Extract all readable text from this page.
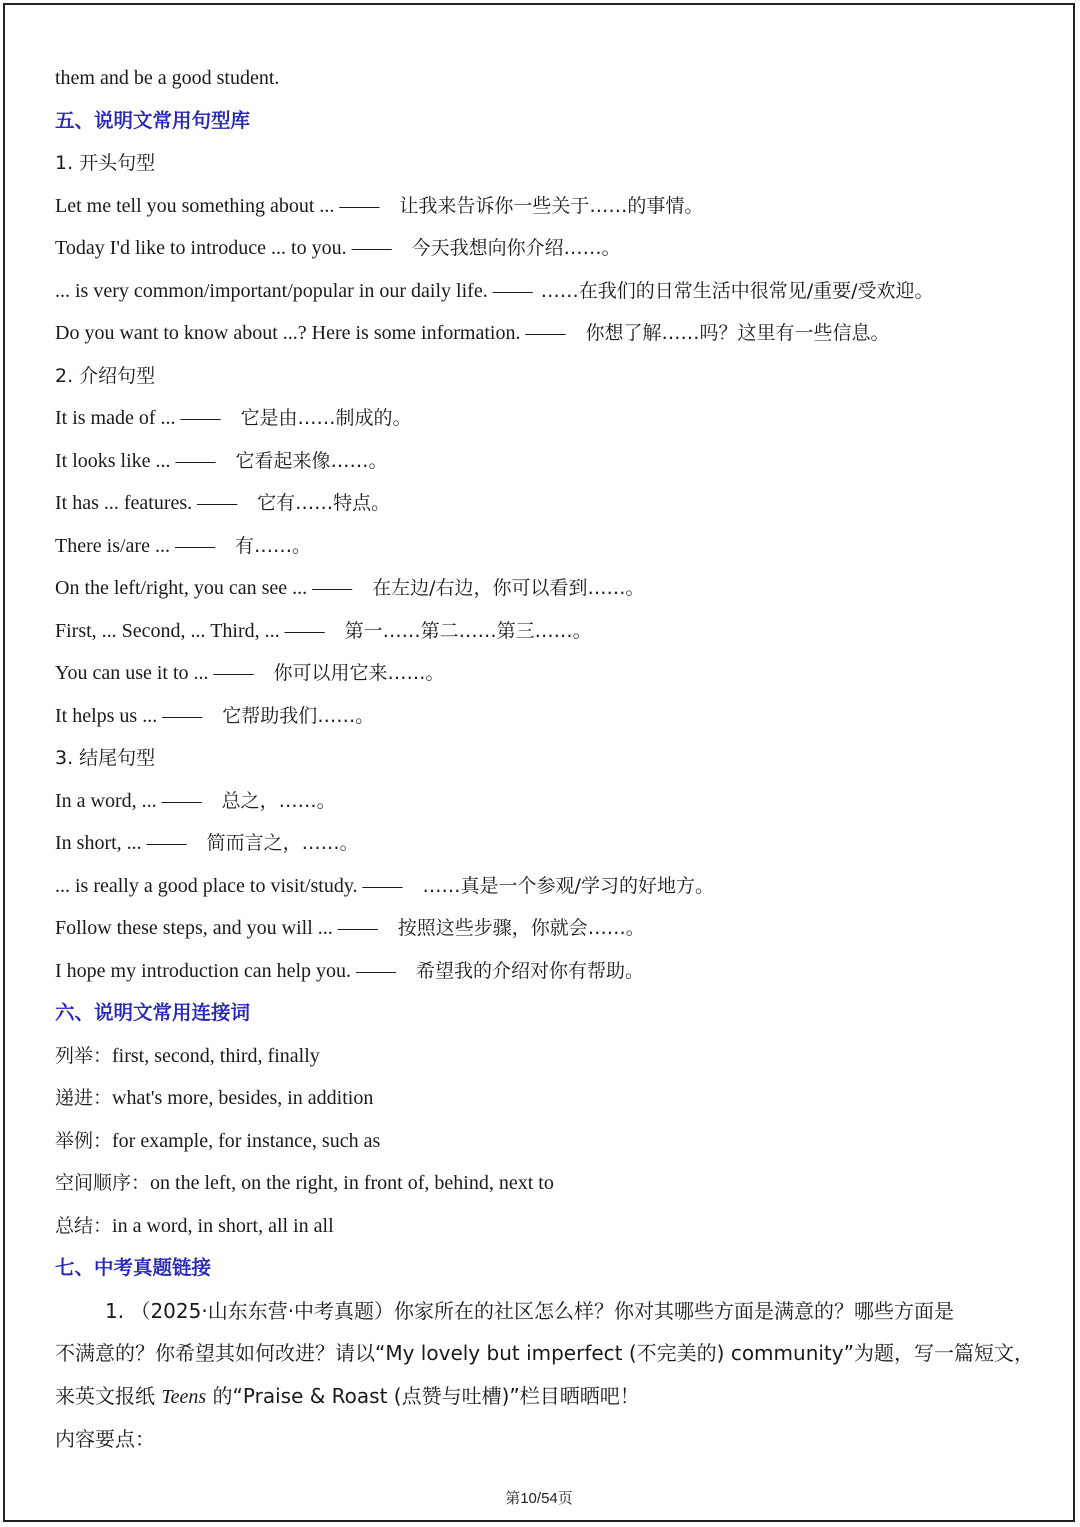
them and be a good student.
五、说明文常用句型库
1. 开头句型
Let me tell you something about ... —— 让我来告诉你一些关于……的事情。
Today I'd like to introduce ... to you. —— 今天我想向你介绍……。
... is very common/important/popular in our daily life. —— ……在我们的日常生活中很常见/重要/受欢迎。
Do you want to know about ...? Here is some information. —— 你想了解……吗？这里有一些信息。
2. 介绍句型
It is made of ... —— 它是由……制成的。
It looks like ... —— 它看起来像……。
It has ... features. —— 它有……特点。
There is/are ... —— 有……。
On the left/right, you can see ... —— 在左边/右边，你可以看到……。
First, ... Second, ... Third, ... —— 第一……第二……第三……。
You can use it to ... —— 你可以用它来……。
It helps us ... —— 它帮助我们……。
3. 结尾句型
In a word, ... —— 总之，……。
In short, ... —— 简而言之，……。
... is really a good place to visit/study. —— ……真是一个参观/学习的好地方。
Follow these steps, and you will ... —— 按照这些步骤，你就会……。
I hope my introduction can help you. —— 希望我的介绍对你有帮助。
六、说明文常用连接词
列举：first, second, third, finally
递进：what's more, besides, in addition
举例：for example, for instance, such as
空间顺序：on the left, on the right, in front of, behind, next to
总结：in a word, in short, all in all
七、中考真题链接
1. （2025·山东东营·中考真题）你家所在的社区怎么样？你对其哪些方面是满意的？哪些方面是
不满意的？你希望其如何改进？请以“My lovely but imperfect (不完美的) community”为题，写一篇短文，
来英文报纸 Teens 的“Praise & Roast (点赞与吐槽)”栏目晒晒吧！
内容要点：
第10/54页
